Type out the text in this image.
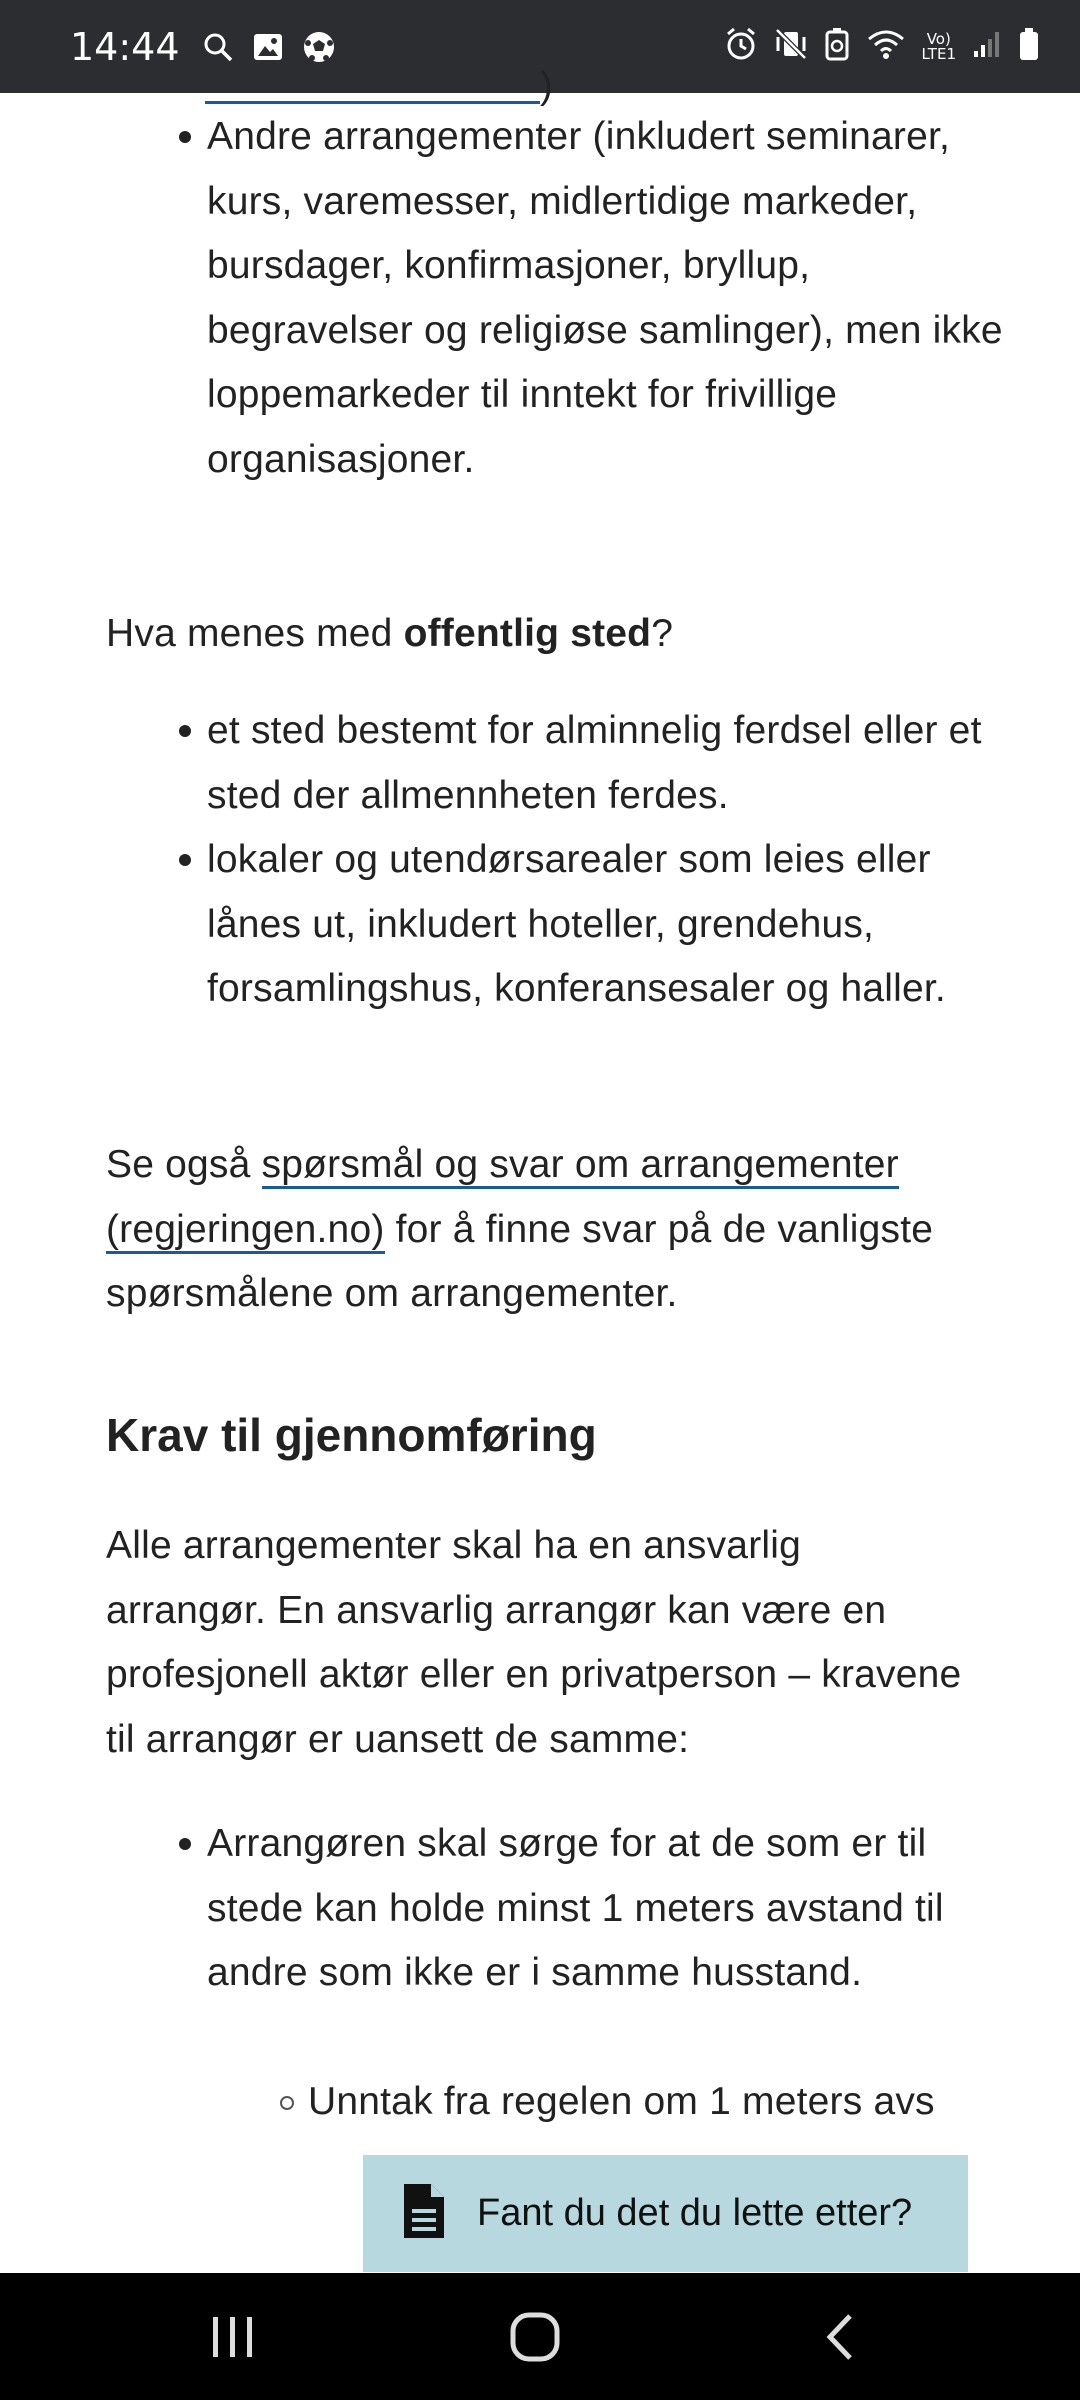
14:44	Vo)
LTE1
)
Andre arrangementer (inkludert seminarer, kurs, varemesser, midlertidige markeder, bursdager, konfirmasjoner, bryllup, begravelser og religiøse samlinger), men ikke loppemarkeder til inntekt for frivillige organisasjoner.

Hva menes med offentlig sted?

et sted bestemt for alminnelig ferdsel eller et sted der allmennheten ferdes.
lokaler og utendørsarealer som leies eller lånes ut, inkludert hoteller, grendehus, forsamlingshus, konferansesaler og haller.

Se også spørsmål og svar om arrangementer (regjeringen.no) for å finne svar på de vanligste spørsmålene om arrangementer.

Krav til gjennomføring

Alle arrangementer skal ha en ansvarlig arrangør. En ansvarlig arrangør kan være en profesjonell aktør eller en privatperson – kravene til arrangør er uansett de samme:

Arrangøren skal sørge for at de som er til stede kan holde minst 1 meters avstand til andre som ikke er i samme husstand.
Unntak fra regelen om 1 meters avs
Fant du det du lette etter?
